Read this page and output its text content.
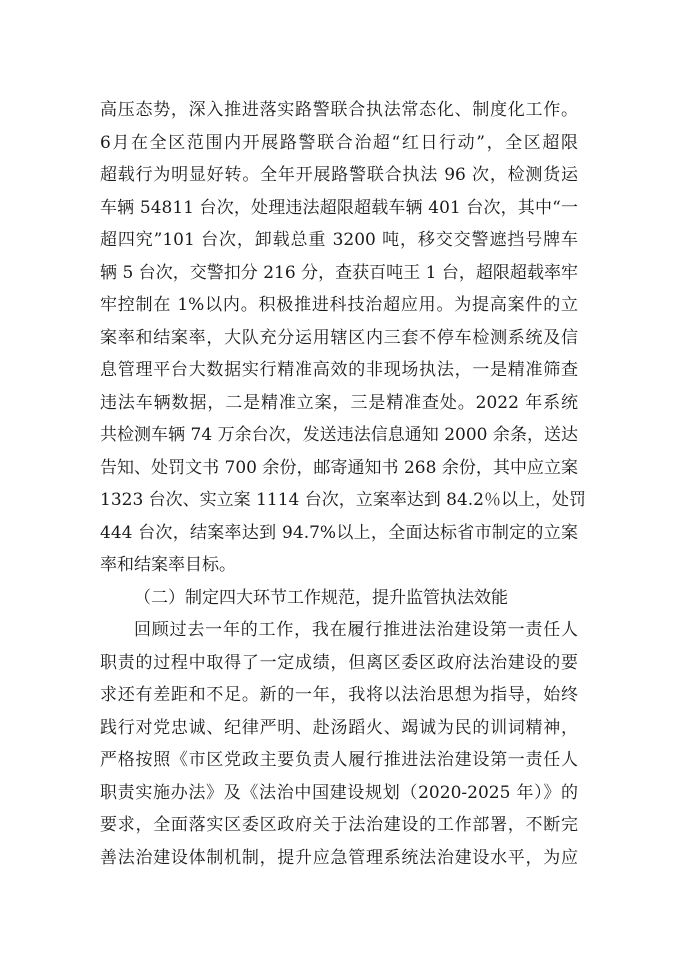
高压态势，深入推进落实路警联合执法常态化、制度化工作。
6月在全区范围内开展路警联合治超“红日行动”，全区超限
超载行为明显好转。全年开展路警联合执法 96 次，检测货运
车辆 54811 台次，处理违法超限超载车辆 401 台次，其中“一
超四究”101 台次，卸载总重 3200 吨，移交交警遮挡号牌车
辆 5 台次，交警扣分 216 分，查获百吨王 1 台，超限超载率牢
牢控制在 1%以内。积极推进科技治超应用。为提高案件的立
案率和结案率，大队充分运用辖区内三套不停车检测系统及信
息管理平台大数据实行精准高效的非现场执法，一是精准筛查
违法车辆数据，二是精准立案，三是精准查处。2022 年系统
共检测车辆 74 万余台次，发送违法信息通知 2000 余条，送达
告知、处罚文书 700 余份，邮寄通知书 268 余份，其中应立案
1323 台次、实立案 1114 台次，立案率达到 84.2％以上，处罚
444 台次，结案率达到 94.7%以上，全面达标省市制定的立案
率和结案率目标。
（二）制定四大环节工作规范，提升监管执法效能
回顾过去一年的工作，我在履行推进法治建设第一责任人
职责的过程中取得了一定成绩，但离区委区政府法治建设的要
求还有差距和不足。新的一年，我将以法治思想为指导，始终
践行对党忠诚、纪律严明、赴汤蹈火、竭诚为民的训词精神，
严格按照《市区党政主要负责人履行推进法治建设第一责任人
职责实施办法》及《法治中国建设规划（2020-2025 年）》的
要求，全面落实区委区政府关于法治建设的工作部署，不断完
善法治建设体制机制，提升应急管理系统法治建设水平，为应
